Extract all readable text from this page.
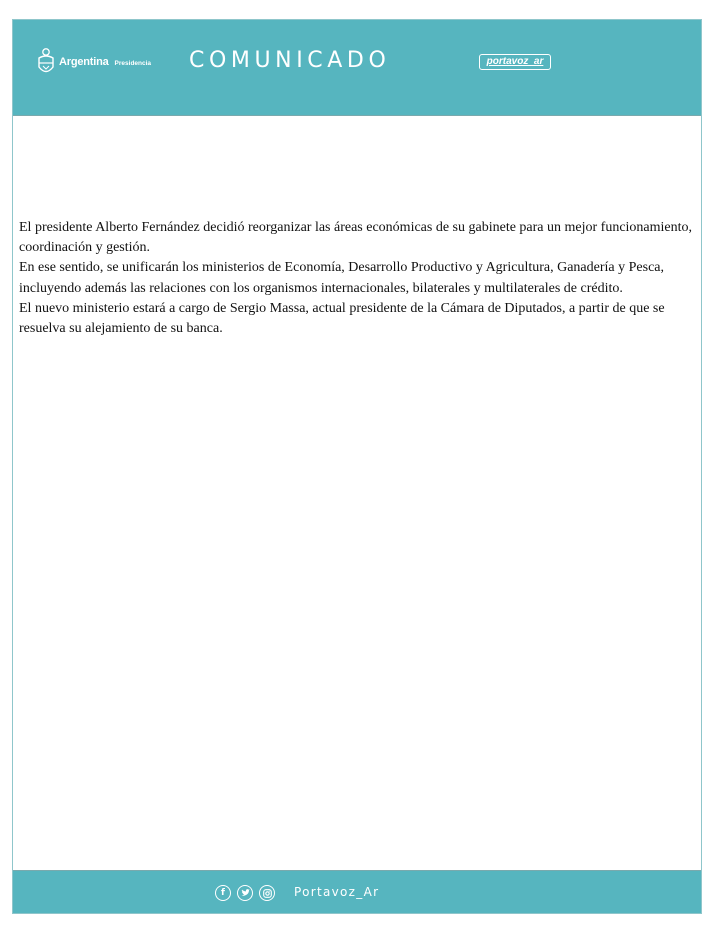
Argentina Presidencia COMUNICADO	portavoz_ar

El presidente Alberto Fernández decidió reorganizar las áreas económicas de su gabinete para un mejor funcionamiento, coordinación y gestión.

En ese sentido, se unificarán los ministerios de Economía, Desarrollo Productivo y Agricultura, Ganadería y Pesca, incluyendo además las relaciones con los organismos internacionales, bilaterales y multilaterales de crédito.

El nuevo ministerio estará a cargo de Sergio Massa, actual presidente de la Cámara de Diputados, a partir de que se resuelva su alejamiento de su banca.

f	Portavoz_Ar
